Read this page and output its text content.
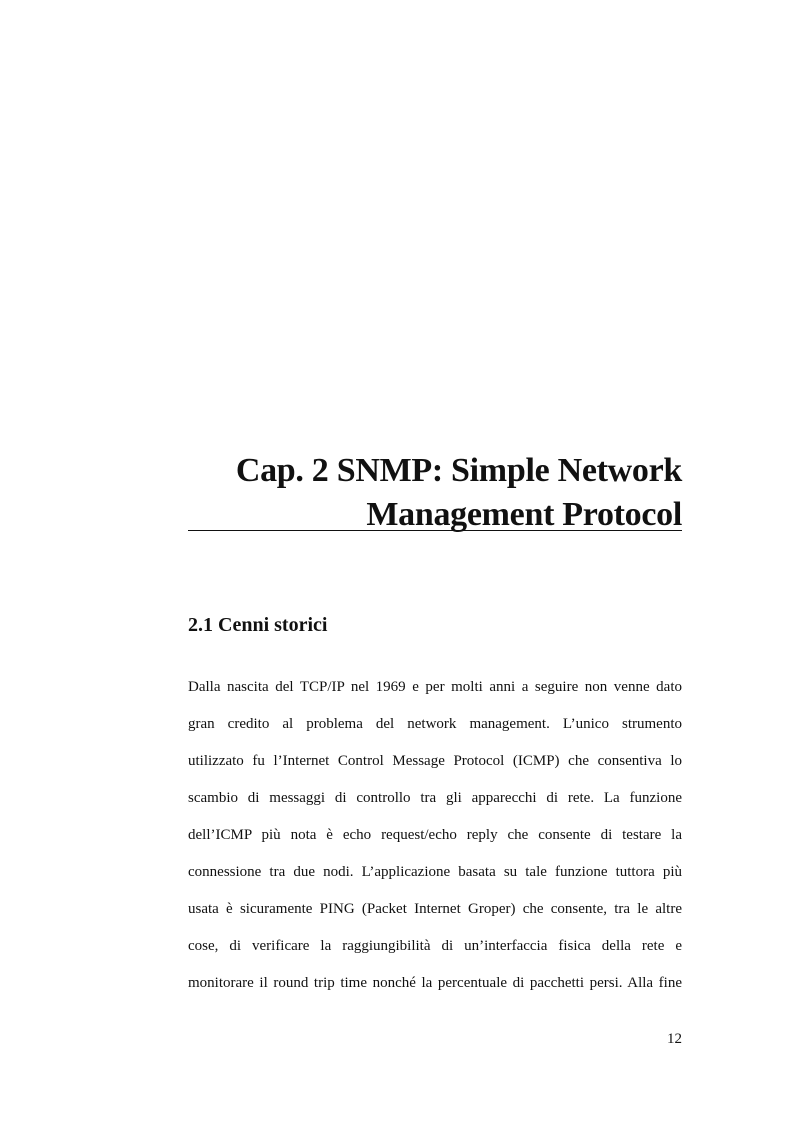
Cap. 2 SNMP: Simple Network
Management Protocol
2.1 Cenni storici

Dalla nascita del TCP/IP nel 1969 e per molti anni a seguire non venne dato
gran credito al problema del network management. L’unico strumento
utilizzato fu l’Internet Control Message Protocol (ICMP) che consentiva lo
scambio di messaggi di controllo tra gli apparecchi di rete. La funzione
dell’ICMP più nota è echo request/echo reply che consente di testare la
connessione tra due nodi. L’applicazione basata su tale funzione tuttora più
usata è sicuramente PING (Packet Internet Groper) che consente, tra le altre
cose, di verificare la raggiungibilità di un’interfaccia fisica della rete e
monitorare il round trip time nonché la percentuale di pacchetti persi. Alla fine

12
